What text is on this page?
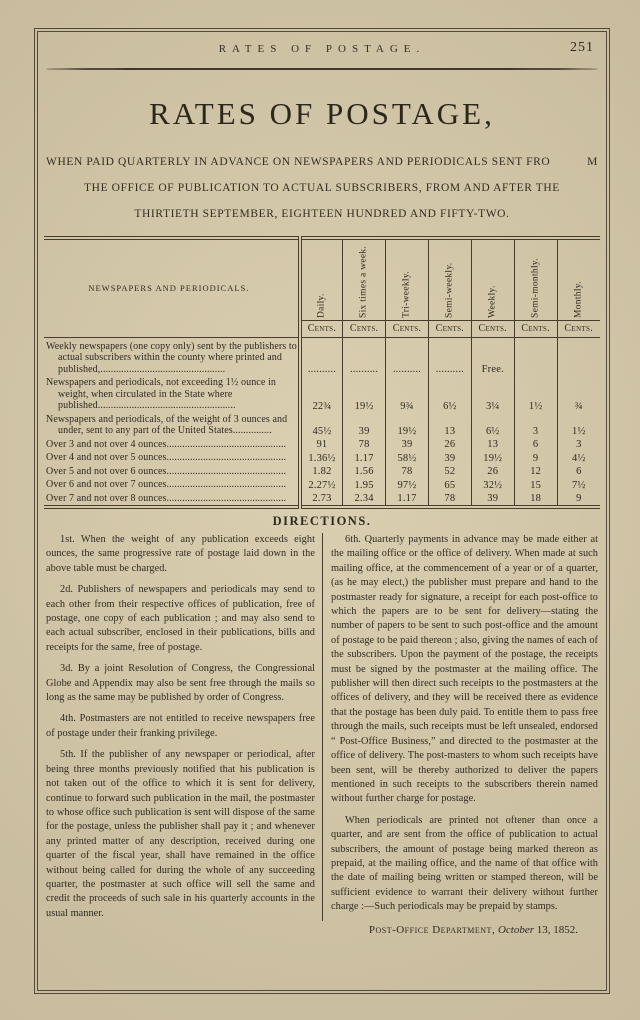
RATES OF POSTAGE.	251
RATES OF POSTAGE,
WHEN PAID QUARTERLY IN ADVANCE ON NEWSPAPERS AND PERIODICALS SENT FRO	M
THE OFFICE OF PUBLICATION TO ACTUAL SUBSCRIBERS, FROM AND AFTER THE
THIRTIETH SEPTEMBER, EIGHTEEN HUNDRED AND FIFTY-TWO.
NEWSPAPERS AND PERIODICALS.	Daily.	Six times a week.	Tri-weekly.	Semi-weekly.	Weekly.	Semi-monthly.	Monthly.

	Cents.	Cents.	Cents.	Cents.	Cents.	Cents.	Cents.
Weekly newspapers (one copy only) sent by the publishers to actual subscribers within the county where printed and published,................................................	..........	..........	..........	..........	Free.		
Newspapers and periodicals, not exceeding 1½ ounce in weight, when circulated in the State where published.....................................................	22¾	19½	9¾	6½	3¼	1½	¾
Newspapers and periodicals, of the weight of 3 ounces and under, sent to any part of the United States...............	45½	39	19½	13	6½	3	1½
Over 3 and not over 4 ounces..............................................	91	78	39	26	13	6	3
Over 4 and not over 5 ounces..............................................	1.36½	1.17	58½	39	19½	9	4½
Over 5 and not over 6 ounces..............................................	1.82	1.56	78	52	26	12	6
Over 6 and not over 7 ounces..............................................	2.27½	1.95	97½	65	32½	15	7½
Over 7 and not over 8 ounces..............................................	2.73	2.34	1.17	78	39	18	9
DIRECTIONS.

1st. When the weight of any publication exceeds eight ounces, the same progressive rate of postage laid down in the above table must be charged.

2d. Publishers of newspapers and periodicals may send to each other from their respective offices of publication, free of postage, one copy of each publication ; and may also send to each actual subscriber, enclosed in their publications, bills and receipts for the same, free of postage.

3d. By a joint Resolution of Congress, the Congressional Globe and Appendix may also be sent free through the mails so long as the same may be published by order of Congress.

4th. Postmasters are not entitled to receive newspapers free of postage under their franking privilege.

5th. If the publisher of any newspaper or periodical, after being three months previously notified that his publication is not taken out of the office to which it is sent for delivery, continue to forward such publication in the mail, the postmaster to whose office such publication is sent will dispose of the same for the postage, unless the publisher shall pay it ; and whenever any printed matter of any description, received during one quarter of the fiscal year, shall have remained in the office without being called for during the whole of any succeeding quarter, the postmaster at such office will sell the same and credit the proceeds of such sale in his quarterly accounts in the usual manner.

6th. Quarterly payments in advance may be made either at the mailing office or the office of delivery. When made at such mailing office, at the commencement of a year or of a quarter, (as he may elect,) the publisher must prepare and hand to the postmaster ready for signature, a receipt for each post-office to which the papers are to be sent for delivery—stating the number of papers to be sent to such post-office and the amount of postage to be paid thereon ; also, giving the names of each of the subscribers. Upon the payment of the postage, the receipts must be signed by the postmaster at the mailing office. The publisher will then direct such receipts to the postmasters at the offices of delivery, and they will be received there as evidence that the postage has been duly paid. To entitle them to pass free through the mails, such receipts must be left unsealed, endorsed “ Post-Office Business,” and directed to the postmaster at the office of delivery. The post-masters to whom such receipts have been sent, will be thereby authorized to deliver the papers mentioned in such receipts to the subscribers therein named without further charge for postage.

When periodicals are printed not oftener than once a quarter, and are sent from the office of publication to actual subscribers, the amount of postage being marked thereon as prepaid, at the mailing office, and the name of that office with the date of mailing being written or stamped thereon, will be sufficient evidence to warrant their delivery without further charge :—Such periodicals may be prepaid by stamps.

Post-Office Department, October 13, 1852.
